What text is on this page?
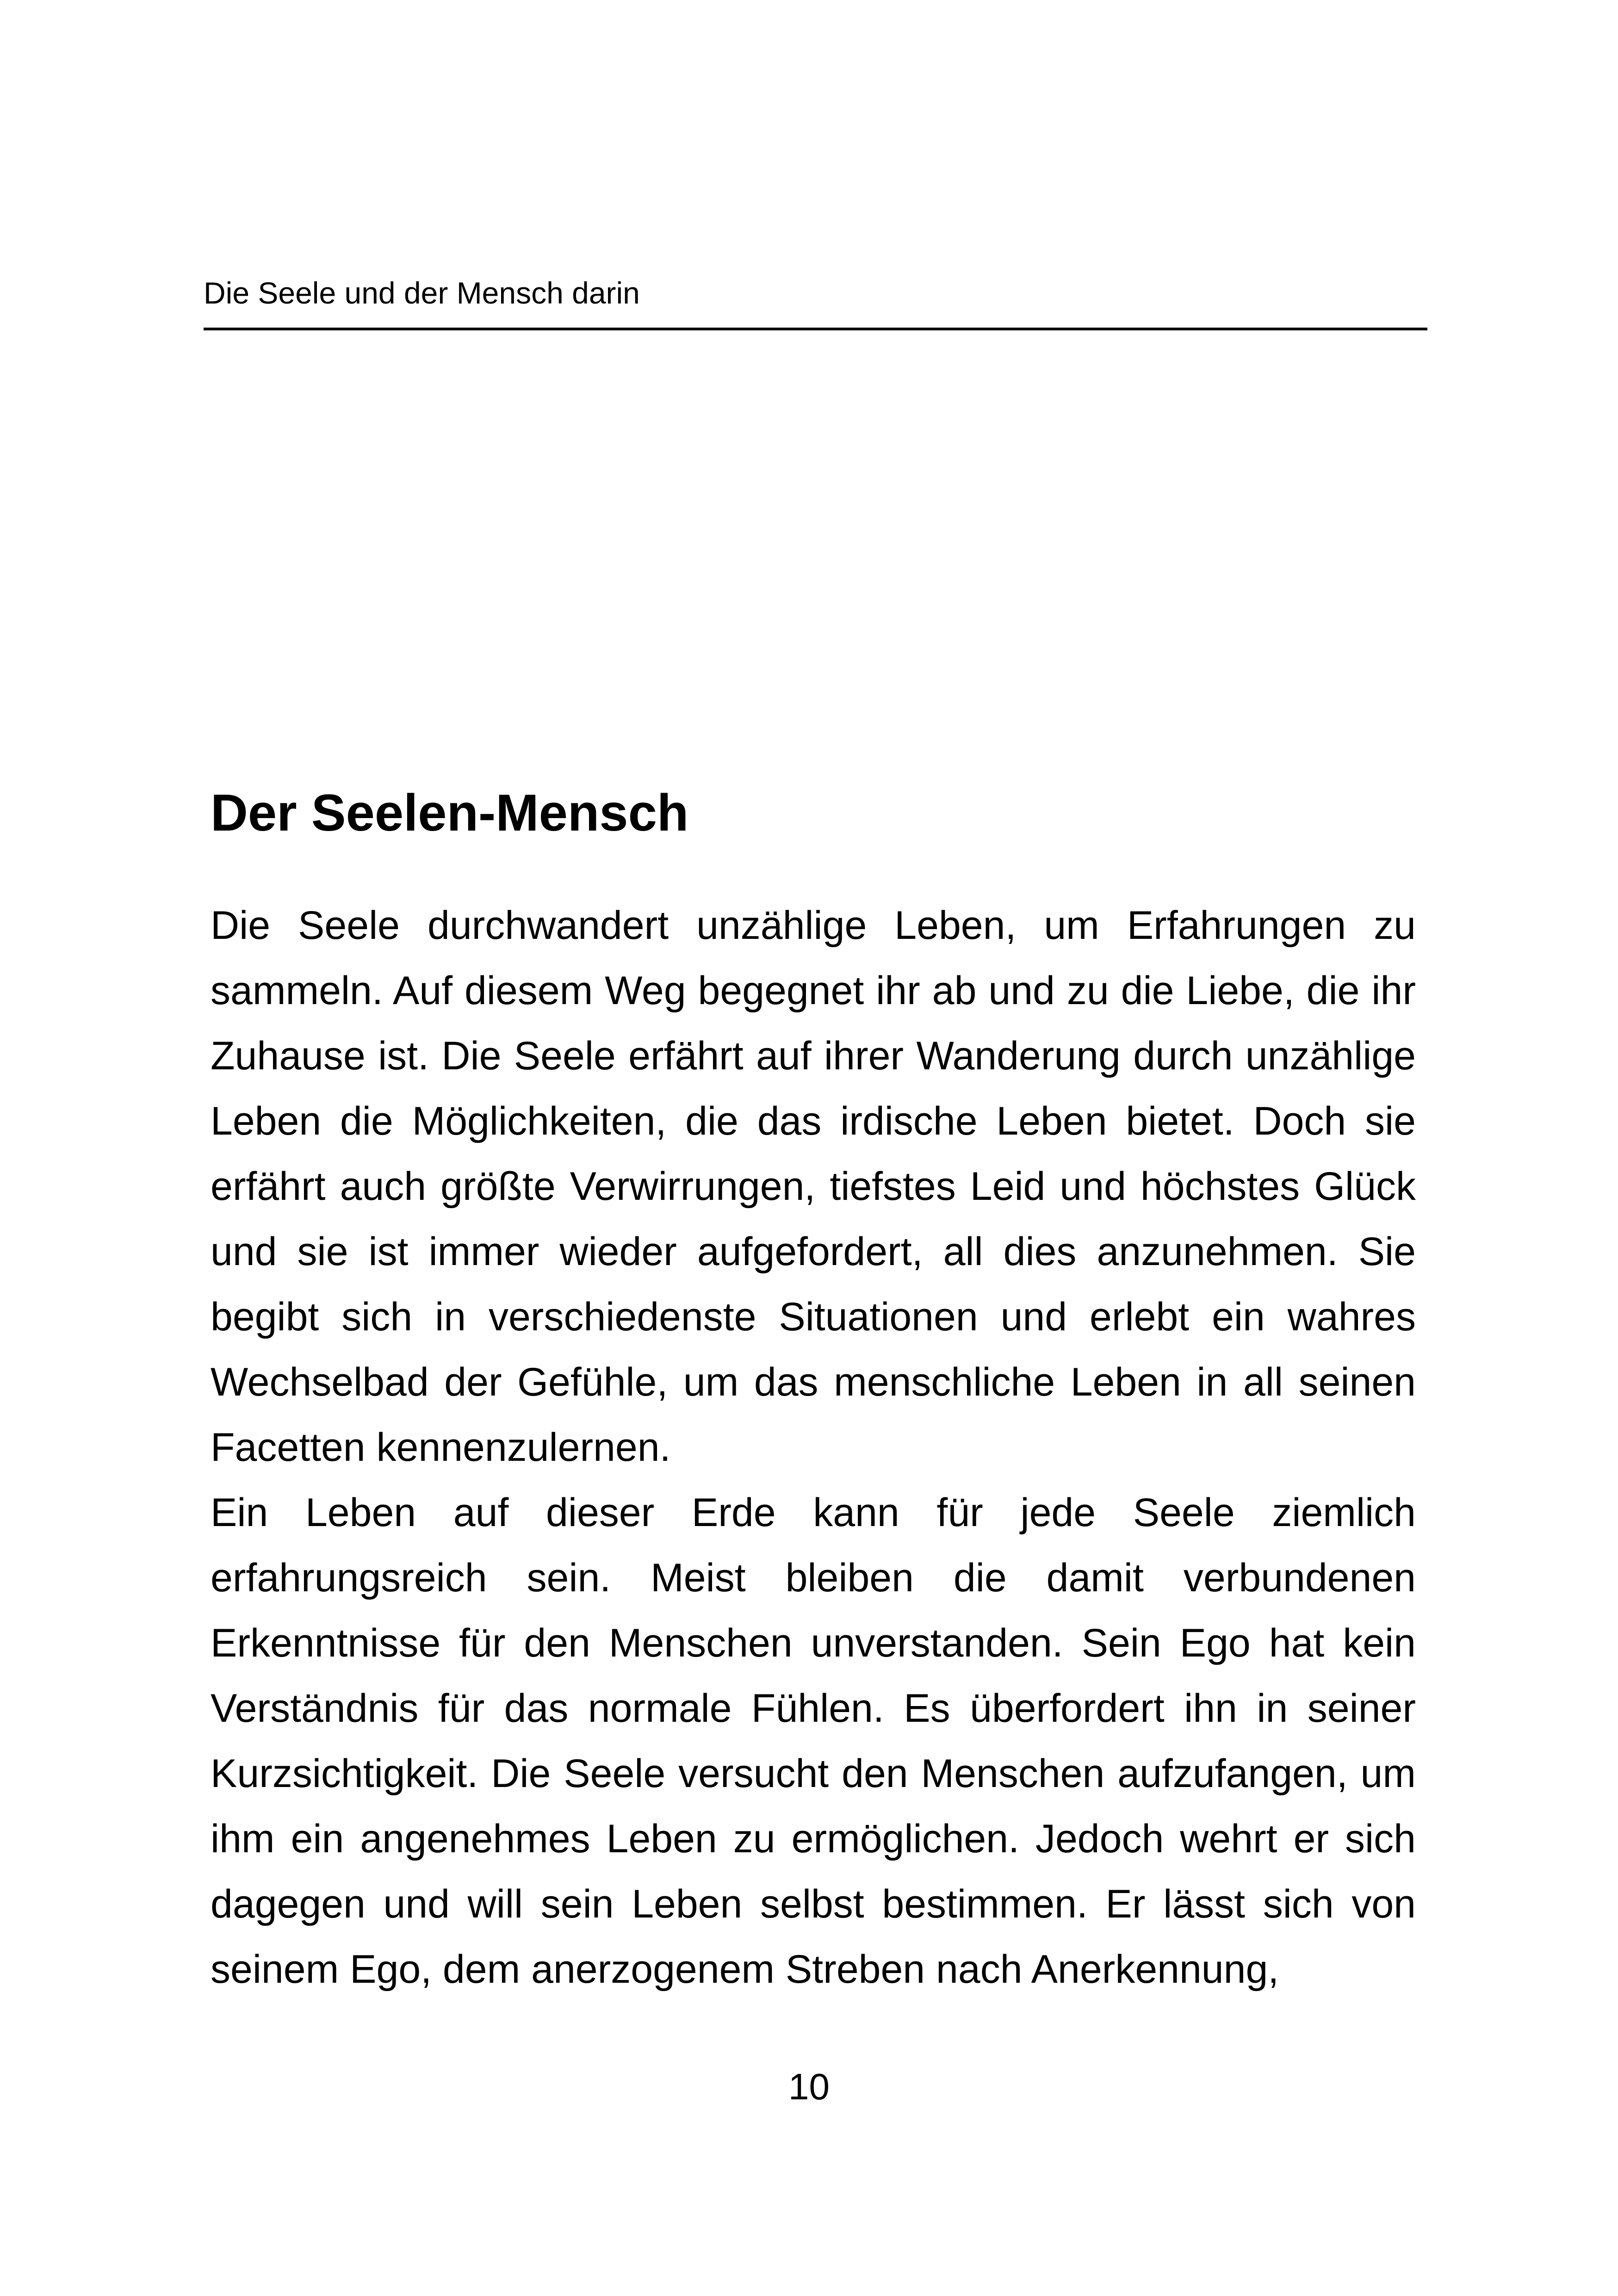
Die Seele und der Mensch darin
Der Seelen-Mensch

Die Seele durchwandert unzählige Leben, um Erfahrungen zu sammeln. Auf diesem Weg begegnet ihr ab und zu die Liebe, die ihr Zuhause ist. Die Seele erfährt auf ihrer Wanderung durch unzählige Leben die Möglichkeiten, die das irdische Leben bietet. Doch sie erfährt auch größte Verwirrungen, tiefstes Leid und höchstes Glück und sie ist immer wieder aufgefordert, all dies anzunehmen. Sie begibt sich in verschiedenste Situationen und erlebt ein wahres Wechselbad der Gefühle, um das menschliche Leben in all seinen Facetten kennenzulernen.

Ein Leben auf dieser Erde kann für jede Seele ziemlich erfahrungsreich sein. Meist bleiben die damit verbundenen Erkenntnisse für den Menschen unverstanden. Sein Ego hat kein Verständnis für das normale Fühlen. Es überfordert ihn in seiner Kurzsichtigkeit. Die Seele versucht den Menschen aufzufangen, um ihm ein angenehmes Leben zu ermöglichen. Jedoch wehrt er sich dagegen und will sein Leben selbst bestimmen. Er lässt sich von seinem Ego, dem anerzogenem Streben nach Anerkennung,

10
